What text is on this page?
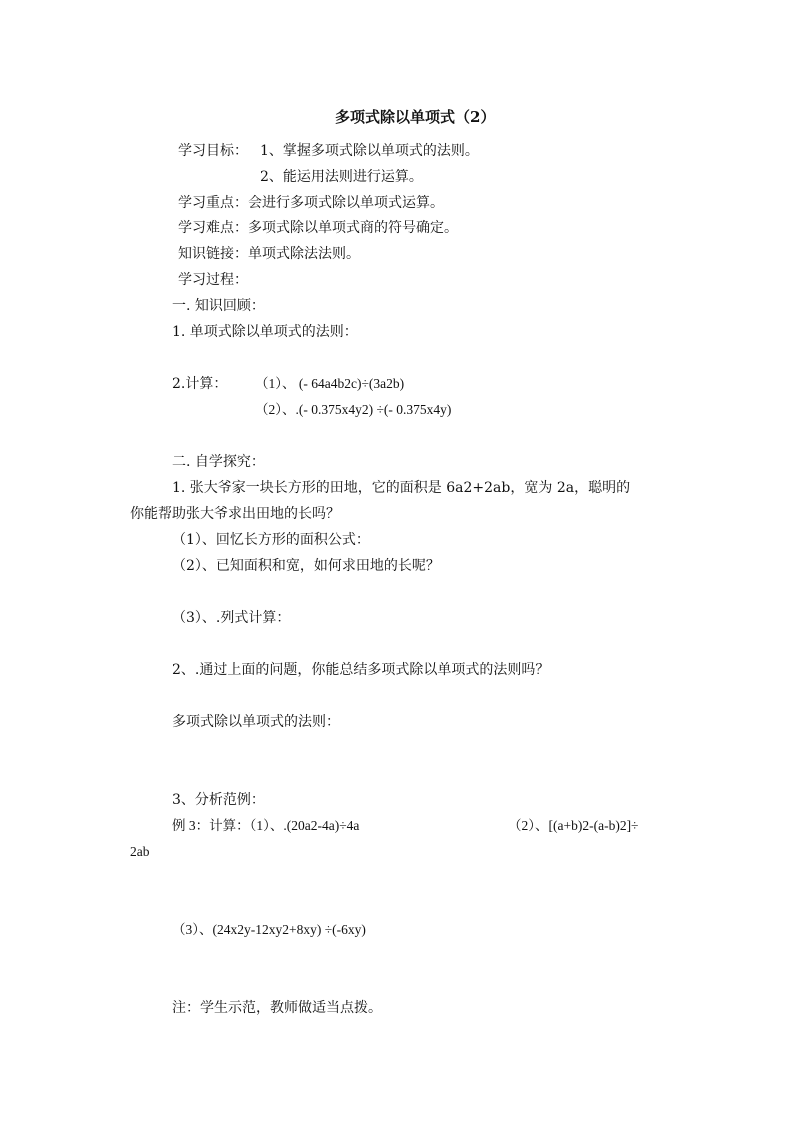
多项式除以单项式（2）
学习目标： 1、掌握多项式除以单项式的法则。
2、能运用法则进行运算。
学习重点：会进行多项式除以单项式运算。
学习难点：多项式除以单项式商的符号确定。
知识链接：单项式除法法则。
学习过程：
一. 知识回顾：
1. 单项式除以单项式的法则：
2.计算： （1）、 (- 64a4b2c)÷(3a2b)
（2）、.(- 0.375x4y2) ÷(- 0.375x4y)
二. 自学探究：
1. 张大爷家一块长方形的田地，它的面积是 6a2+2ab，宽为 2a，聪明的
你能帮助张大爷求出田地的长吗？
（1）、回忆长方形的面积公式：
（2）、已知面积和宽，如何求田地的长呢？
（3）、.列式计算：
2、.通过上面的问题，你能总结多项式除以单项式的法则吗？
多项式除以单项式的法则：
3、分析范例：
例 3：计算：（1）、.(20a2-4a)÷4a	（2）、[(a+b)2-(a-b)2]÷
2ab
（3）、(24x2y-12xy2+8xy) ÷(-6xy)
注：学生示范，教师做适当点拨。
